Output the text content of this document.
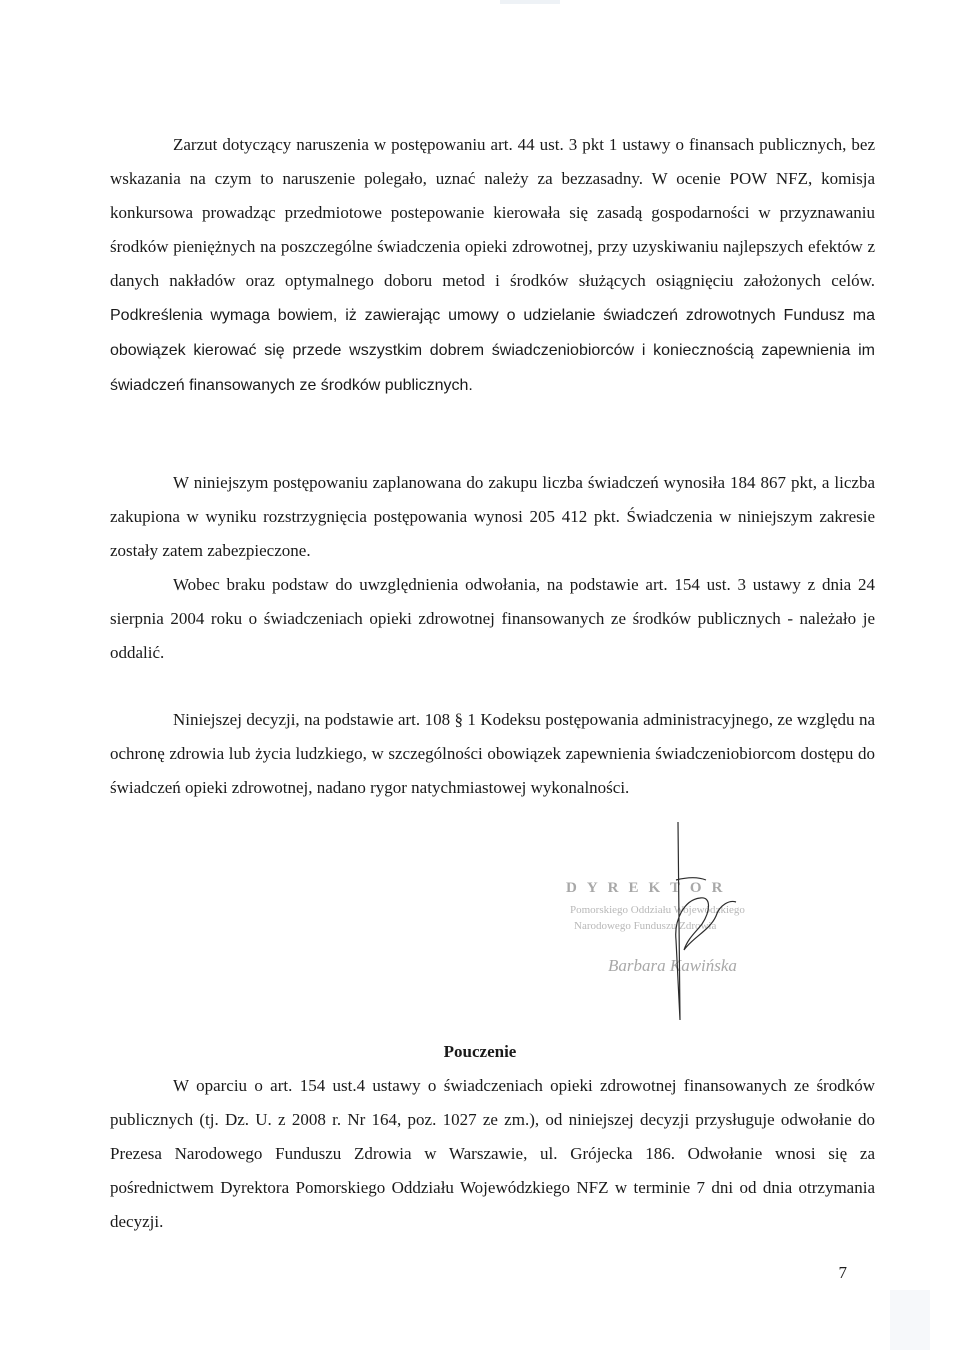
Zarzut dotyczący naruszenia w postępowaniu art. 44 ust. 3 pkt 1 ustawy o finansach publicznych, bez wskazania na czym to naruszenie polegało, uznać należy za bezzasadny. W ocenie POW NFZ, komisja konkursowa prowadząc przedmiotowe postepowanie kierowała się zasadą gospodarności w przyznawaniu środków pieniężnych na poszczególne świadczenia opieki zdrowotnej, przy uzyskiwaniu najlepszych efektów z danych nakładów oraz optymalnego doboru metod i środków służących osiągnięciu założonych celów. Podkreślenia wymaga bowiem, iż zawierając umowy o udzielanie świadczeń zdrowotnych Fundusz ma obowiązek kierować się przede wszystkim dobrem świadczeniobiorców i koniecznością zapewnienia im świadczeń finansowanych ze środków publicznych.

W niniejszym postępowaniu zaplanowana do zakupu liczba świadczeń wynosiła 184 867 pkt, a liczba zakupiona w wyniku rozstrzygnięcia postępowania wynosi 205 412 pkt. Świadczenia w niniejszym zakresie zostały zatem zabezpieczone.

Wobec braku podstaw do uwzględnienia odwołania, na podstawie art. 154 ust. 3 ustawy z dnia 24 sierpnia 2004 roku o świadczeniach opieki zdrowotnej finansowanych ze środków publicznych - należało je oddalić.

Niniejszej decyzji, na podstawie art. 108 § 1 Kodeksu postępowania administracyjnego, ze względu na ochronę zdrowia lub życia ludzkiego, w szczególności obowiązek zapewnienia świadczeniobiorcom dostępu do świadczeń opieki zdrowotnej, nadano rygor natychmiastowej wykonalności.

DYREKTOR
Pomorskiego Oddziału Wojewódzkiego
Narodowego Funduszu Zdrowia
Barbara Kawińska
Pouczenie

W oparciu o art. 154 ust.4 ustawy o świadczeniach opieki zdrowotnej finansowanych ze środków publicznych (tj. Dz. U. z 2008 r. Nr 164, poz. 1027 ze zm.), od niniejszej decyzji przysługuje odwołanie do Prezesa Narodowego Funduszu Zdrowia w Warszawie, ul. Grójecka 186. Odwołanie wnosi się za pośrednictwem Dyrektora Pomorskiego Oddziału Wojewódzkiego NFZ w terminie 7 dni od dnia otrzymania decyzji.

7
